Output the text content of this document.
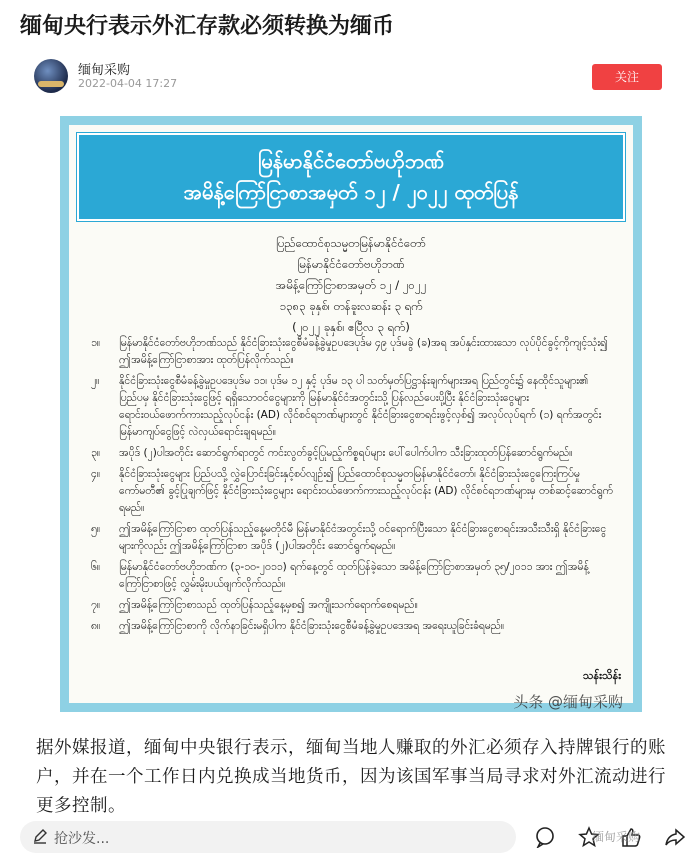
缅甸央行表示外汇存款必须转换为缅币
缅甸采购
2022-04-04 17:27	关注
မြန်မာနိုင်ငံတော်ဗဟိုဘဏ်
အမိန့်ကြော်ငြာစာအမှတ် ၁၂ / ၂၀၂၂ ထုတ်ပြန်
ပြည်ထောင်စုသမ္မတမြန်မာနိုင်ငံတော်
မြန်မာနိုင်ငံတော်ဗဟိုဘဏ်
အမိန့်ကြော်ငြာစာအမှတ် ၁၂ / ၂၀၂၂
၁၃၈၃ ခုနှစ်၊ တန်ခူးလဆန်း ၃ ရက်
(၂၀၂၂ ခုနှစ်၊ ဧပြီလ ၃ ရက်)
၁။	မြန်မာနိုင်ငံတော်ဗဟိုဘဏ်သည် နိုင်ငံခြားသုံးငွေစီမံခန့်ခွဲမှုဥပဒေပုဒ်မ ၄၉ ပုဒ်မခွဲ (ခ)အရ အပ်နှင်းထားသော လုပ်ပိုင်ခွင့်ကိုကျင့်သုံး၍ ဤအမိန့်ကြော်ငြာစာအား ထုတ်ပြန်လိုက်သည်။
၂။	နိုင်ငံခြားသုံးငွေစီမံခန့်ခွဲမှုဥပဒေပုဒ်မ ၁၁၊ ပုဒ်မ ၁၂ နှင့် ပုဒ်မ ၁၃ ပါ သတ်မှတ်ပြဋ္ဌာန်းချက်များအရ ပြည်တွင်း၌ နေထိုင်သူများ၏ ပြည်ပမှ နိုင်ငံခြားသုံးငွေဖြင့် ရရှိသောဝင်ငွေများကို မြန်မာနိုင်ငံအတွင်းသို့ ပြန်လည်ပေးပို့ပြီး နိုင်ငံခြားသုံးငွေများ ရောင်းဝယ်ဖောက်ကားသည့်လုပ်ငန်း (AD) လိုင်စင်ရဘဏ်များတွင် နိုင်ငံခြားငွေစာရင်းဖွင့်လှစ်၍ အလုပ်လုပ်ရက် (၁) ရက်အတွင်း မြန်မာကျပ်ငွေဖြင့် လဲလှယ်ရောင်းချရမည်။
၃။	အပိုဒ် (၂)ပါအတိုင်း ဆောင်ရွက်ရာတွင် ကင်းလွတ်ခွင့်ပြုမည့်ကိစ္စရပ်များ ပေါ်ပေါက်ပါက သီးခြားထုတ်ပြန်ဆောင်ရွက်မည်။
၄။	နိုင်ငံခြားသုံးငွေများ ပြည်ပသို့ လွှဲပြောင်းခြင်းနှင့်စပ်လျဉ်း၍ ပြည်ထောင်စုသမ္မတမြန်မာနိုင်ငံတော်၊ နိုင်ငံခြားသုံးငွေကြေးကြပ်မှုကော်မတီ၏ ခွင့်ပြုချက်ဖြင့် နိုင်ငံခြားသုံးငွေများ ရောင်းဝယ်ဖောက်ကားသည့်လုပ်ငန်း (AD) လိုင်စင်ရဘဏ်များမှ တစ်ဆင့်ဆောင်ရွက်ရမည်။
၅။	ဤအမိန့်ကြော်ငြာစာ ထုတ်ပြန်သည့်နေ့မတိုင်မီ မြန်မာနိုင်ငံအတွင်းသို့ ဝင်ရောက်ပြီးသော နိုင်ငံခြားငွေစာရင်းအသီးသီးရှိ နိုင်ငံခြားငွေများကိုလည်း ဤအမိန့်ကြော်ငြာစာ အပိုဒ် (၂)ပါအတိုင်း ဆောင်ရွက်ရမည်။
၆။	မြန်မာနိုင်ငံတော်ဗဟိုဘဏ်က (၃-၁၀-၂၀၁၁) ရက်နေ့တွင် ထုတ်ပြန်ခဲ့သော အမိန့်ကြော်ငြာစာအမှတ် ၃၅/၂၀၁၁ အား ဤအမိန့်ကြော်ငြာစာဖြင့် လွှမ်းမိုးပယ်ဖျက်လိုက်သည်။
၇။	ဤအမိန့်ကြော်ငြာစာသည် ထုတ်ပြန်သည့်နေ့မှစ၍ အကျိုးသက်ရောက်စေရမည်။
၈။	ဤအမိန့်ကြော်ငြာစာကို လိုက်နာခြင်းမရှိပါက နိုင်ငံခြားသုံးငွေစီမံခန့်ခွဲမှုဥပဒေအရ အရေးယူခြင်းခံရမည်။
သန်းသိန်း
头条 @缅甸采购
据外媒报道，缅甸中央银行表示，缅甸当地人赚取的外汇必须存入持牌银行的账户，并在一个工作日内兑换成当地货币，因为该国军事当局寻求对外汇流动进行更多控制。
抢沙发...	缅甸采购
